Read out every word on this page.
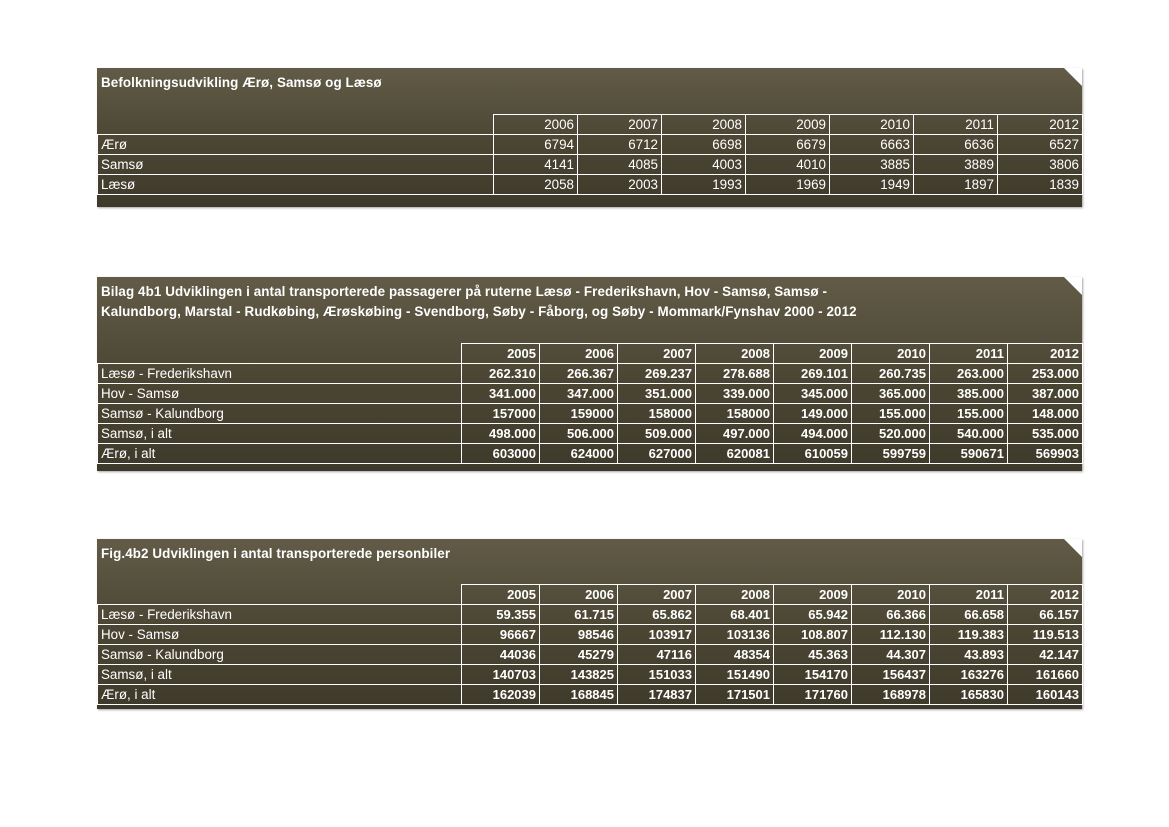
Befolkningsudvikling Ærø, Samsø og Læsø
	2006	2007	2008	2009	2010	2011	2012
Ærø	6794	6712	6698	6679	6663	6636	6527
Samsø	4141	4085	4003	4010	3885	3889	3806
Læsø	2058	2003	1993	1969	1949	1897	1839
Bilag 4b1 Udviklingen i antal transporterede passagerer på ruterne Læsø - Frederikshavn, Hov - Samsø, Samsø -
Kalundborg, Marstal - Rudkøbing, Ærøskøbing - Svendborg, Søby - Fåborg, og Søby - Mommark/Fynshav 2000 - 2012
	2005	2006	2007	2008	2009	2010	2011	2012
Læsø - Frederikshavn	262.310	266.367	269.237	278.688	269.101	260.735	263.000	253.000
Hov - Samsø	341.000	347.000	351.000	339.000	345.000	365.000	385.000	387.000
Samsø - Kalundborg	157000	159000	158000	158000	149.000	155.000	155.000	148.000
Samsø, i alt	498.000	506.000	509.000	497.000	494.000	520.000	540.000	535.000
Ærø, i alt	603000	624000	627000	620081	610059	599759	590671	569903
Fig.4b2 Udviklingen i antal transporterede personbiler
	2005	2006	2007	2008	2009	2010	2011	2012
Læsø - Frederikshavn	59.355	61.715	65.862	68.401	65.942	66.366	66.658	66.157
Hov - Samsø	96667	98546	103917	103136	108.807	112.130	119.383	119.513
Samsø - Kalundborg	44036	45279	47116	48354	45.363	44.307	43.893	42.147
Samsø, i alt	140703	143825	151033	151490	154170	156437	163276	161660
Ærø, i alt	162039	168845	174837	171501	171760	168978	165830	160143
